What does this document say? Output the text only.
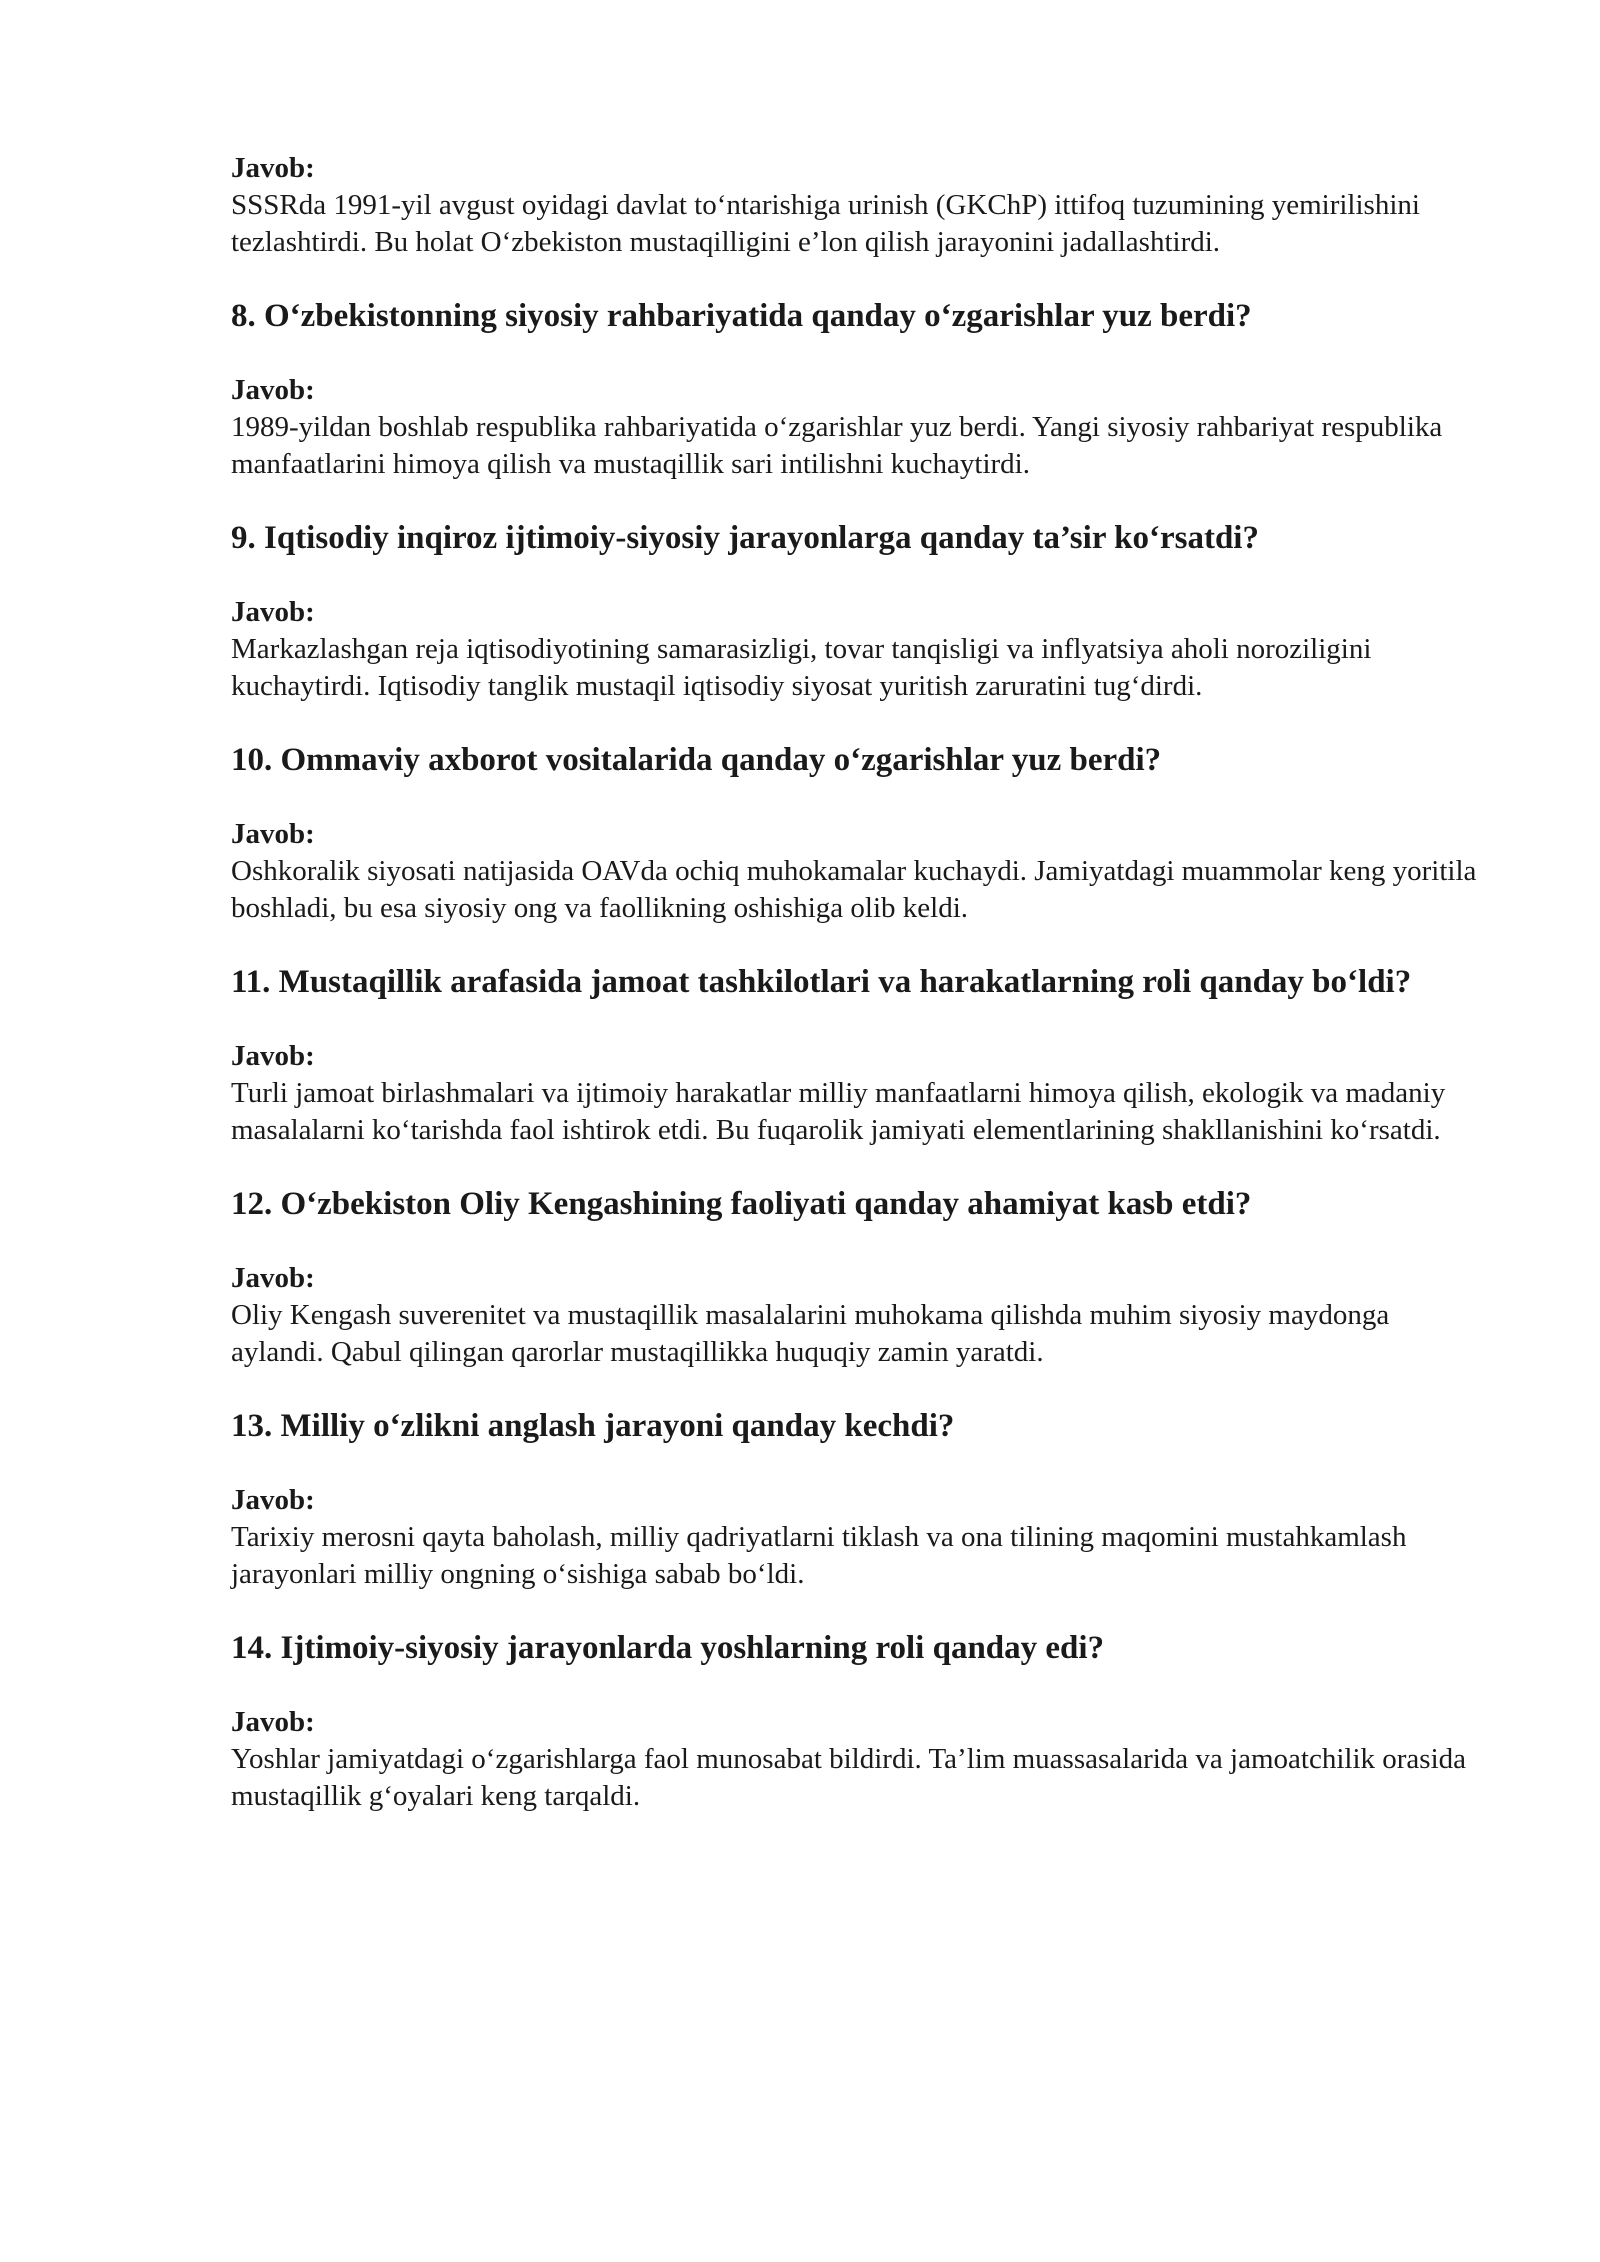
Javob:

SSSRda 1991-yil avgust oyidagi davlat to‘ntarishiga urinish (GKChP) ittifoq tuzumining yemirilishini tezlashtirdi. Bu holat O‘zbekiston mustaqilligini e’lon qilish jarayonini jadallashtirdi.

8. O‘zbekistonning siyosiy rahbariyatida qanday o‘zgarishlar yuz berdi?

Javob:

1989-yildan boshlab respublika rahbariyatida o‘zgarishlar yuz berdi. Yangi siyosiy rahbariyat respublika manfaatlarini himoya qilish va mustaqillik sari intilishni kuchaytirdi.

9. Iqtisodiy inqiroz ijtimoiy-siyosiy jarayonlarga qanday ta’sir ko‘rsatdi?

Javob:

Markazlashgan reja iqtisodiyotining samarasizligi, tovar tanqisligi va inflyatsiya aholi noroziligini kuchaytirdi. Iqtisodiy tanglik mustaqil iqtisodiy siyosat yuritish zaruratini tug‘dirdi.

10. Ommaviy axborot vositalarida qanday o‘zgarishlar yuz berdi?

Javob:

Oshkoralik siyosati natijasida OAVda ochiq muhokamalar kuchaydi. Jamiyatdagi muammolar keng yoritila boshladi, bu esa siyosiy ong va faollikning oshishiga olib keldi.

11. Mustaqillik arafasida jamoat tashkilotlari va harakatlarning roli qanday bo‘ldi?

Javob:

Turli jamoat birlashmalari va ijtimoiy harakatlar milliy manfaatlarni himoya qilish, ekologik va madaniy masalalarni ko‘tarishda faol ishtirok etdi. Bu fuqarolik jamiyati elementlarining shakllanishini ko‘rsatdi.

12. O‘zbekiston Oliy Kengashining faoliyati qanday ahamiyat kasb etdi?

Javob:

Oliy Kengash suverenitet va mustaqillik masalalarini muhokama qilishda muhim siyosiy maydonga aylandi. Qabul qilingan qarorlar mustaqillikka huquqiy zamin yaratdi.

13. Milliy o‘zlikni anglash jarayoni qanday kechdi?

Javob:

Tarixiy merosni qayta baholash, milliy qadriyatlarni tiklash va ona tilining maqomini mustahkamlash jarayonlari milliy ongning o‘sishiga sabab bo‘ldi.

14. Ijtimoiy-siyosiy jarayonlarda yoshlarning roli qanday edi?

Javob:

Yoshlar jamiyatdagi o‘zgarishlarga faol munosabat bildirdi. Ta’lim muassasalarida va jamoatchilik orasida mustaqillik g‘oyalari keng tarqaldi.
